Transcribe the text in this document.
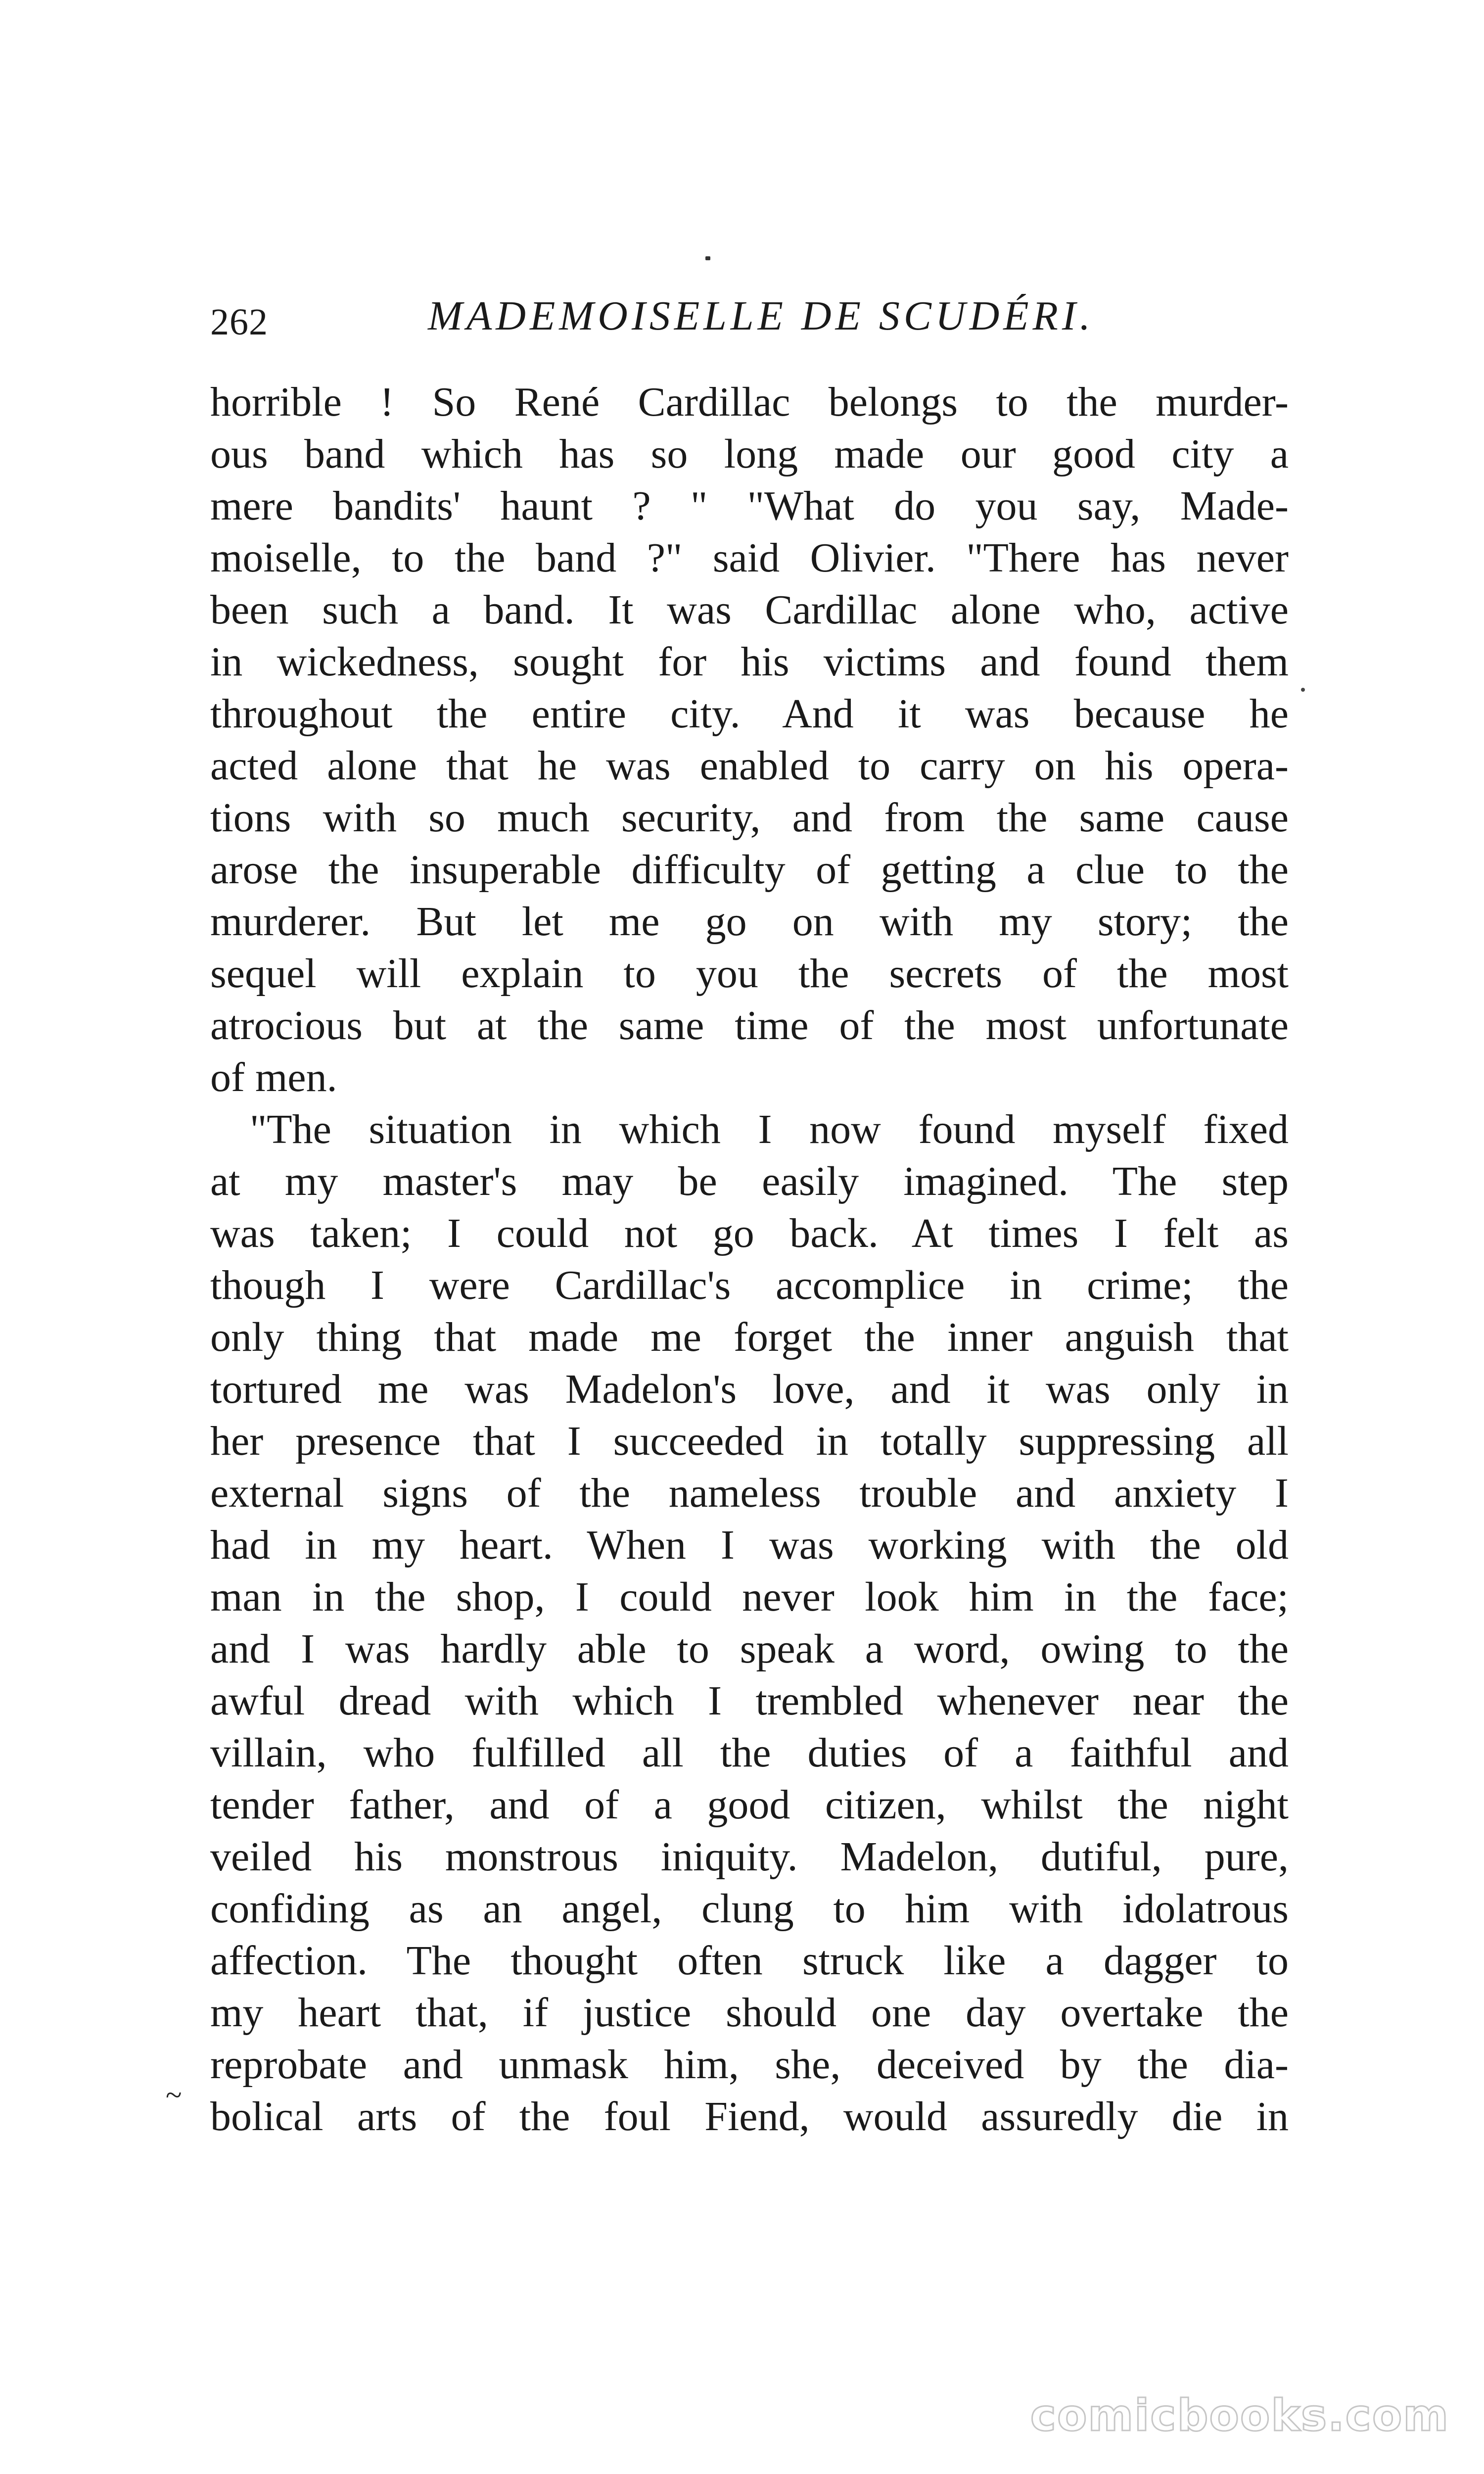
262	MADEMOISELLE DE SCUDÉRI.
horrible ! So René Cardillac belongs to the murder-
ous band which has so long made our good city a
mere bandits' haunt ? " "What do you say, Made-
moiselle, to the band ?" said Olivier. "There has never
been such a band. It was Cardillac alone who, active
in wickedness, sought for his victims and found them
throughout the entire city. And it was because he
acted alone that he was enabled to carry on his opera-
tions with so much security, and from the same cause
arose the insuperable difficulty of getting a clue to the
murderer. But let me go on with my story; the
sequel will explain to you the secrets of the most
atrocious but at the same time of the most unfortunate
of men.
"The situation in which I now found myself fixed
at my master's may be easily imagined. The step
was taken; I could not go back. At times I felt as
though I were Cardillac's accomplice in crime; the
only thing that made me forget the inner anguish that
tortured me was Madelon's love, and it was only in
her presence that I succeeded in totally suppressing all
external signs of the nameless trouble and anxiety I
had in my heart. When I was working with the old
man in the shop, I could never look him in the face;
and I was hardly able to speak a word, owing to the
awful dread with which I trembled whenever near the
villain, who fulfilled all the duties of a faithful and
tender father, and of a good citizen, whilst the night
veiled his monstrous iniquity. Madelon, dutiful, pure,
confiding as an angel, clung to him with idolatrous
affection. The thought often struck like a dagger to
my heart that, if justice should one day overtake the
reprobate and unmask him, she, deceived by the dia-
bolical arts of the foul Fiend, would assuredly die in
~
comicbooks.com
